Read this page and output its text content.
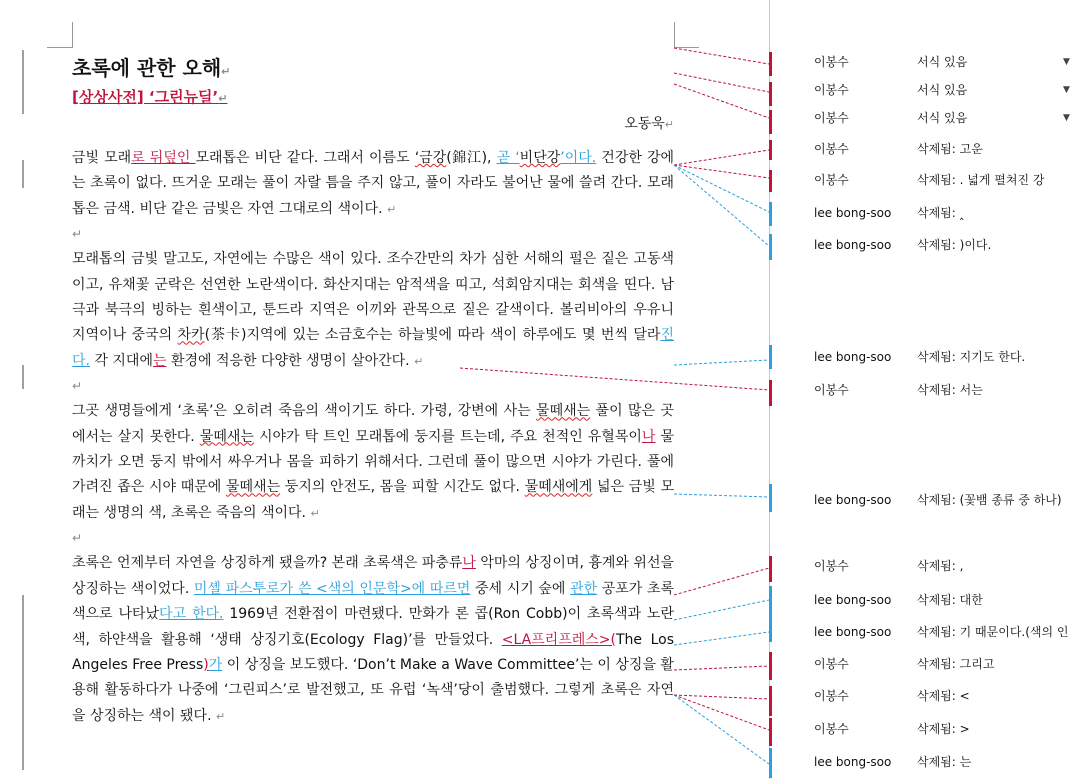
초록에 관한 오해↵
[상상사전] ‘그린뉴딜’↵
오동욱↵

금빛 모래로 뒤덮인 모래톱은 비단 같다. 그래서 이름도 ‘금강(錦江), 곧 ‘비단강’이다. 건강한 강에는 초록이 없다. 뜨거운 모래는 풀이 자랄 틈을 주지 않고, 풀이 자라도 불어난 물에 쓸려 간다. 모래톱은 금색. 비단 같은 금빛은 자연 그대로의 색이다. ↵

↵

모래톱의 금빛 말고도, 자연에는 수많은 색이 있다. 조수간만의 차가 심한 서해의 펄은 짙은 고동색이고, 유채꽃 군락은 선연한 노란색이다. 화산지대는 암적색을 띠고, 석회암지대는 회색을 띤다. 남극과 북극의 빙하는 흰색이고, 툰드라 지역은 이끼와 관목으로 짙은 갈색이다. 볼리비아의 우유니 지역이나 중국의 차카(茶卡)지역에 있는 소금호수는 하늘빛에 따라 색이 하루에도 몇 번씩 달라진다. 각 지대에는 환경에 적응한 다양한 생명이 살아간다. ↵

↵

그곳 생명들에게 ‘초록’은 오히려 죽음의 색이기도 하다. 가령, 강변에 사는 물떼새는 풀이 많은 곳에서는 살지 못한다. 물떼새는 시야가 탁 트인 모래톱에 둥지를 트는데, 주요 천적인 유혈목이나 물까치가 오면 둥지 밖에서 싸우거나 몸을 피하기 위해서다. 그런데 풀이 많으면 시야가 가린다. 풀에 가려진 좁은 시야 때문에 물떼새는 둥지의 안전도, 몸을 피할 시간도 없다. 물떼새에게 넓은 금빛 모래는 생명의 색, 초록은 죽음의 색이다. ↵

↵

초록은 언제부터 자연을 상징하게 됐을까? 본래 초록색은 파충류나 악마의 상징이며, 흉계와 위선을 상징하는 색이었다. 미셸 파스투로가 쓴 <색의 인문학>에 따르면 중세 시기 숲에 관한 공포가 초록색으로 나타났다고 한다. 1969년 전환점이 마련됐다. 만화가 론 콥(Ron Cobb)이 초록색과 노란색, 하얀색을 활용해 ‘생태 상징기호(Ecology Flag)’를 만들었다. <LA프리프레스>(The Los Angeles Free Press)가 이 상징을 보도했다. ‘Don’t Make a Wave Committee’는 이 상징을 활용해 활동하다가 나중에 ‘그린피스’로 발전했고, 또 유럽 ‘녹색’당이 출범했다. 그렇게 초록은 자연을 상징하는 색이 됐다. ↵

이봉수	서식 있음	▼
이봉수	서식 있음	▼
이봉수	서식 있음	▼
이봉수	삭제됨: 고운
이봉수	삭제됨: . 넓게 펼쳐진 강
lee bong-soo 삭제됨: ‸
lee bong-soo 삭제됨: )이다.
lee bong-soo 삭제됨: 지기도 한다.
이봉수	삭제됨: 서는
lee bong-soo 삭제됨: (꽃뱀 종류 중 하나)
이봉수	삭제됨: ,
lee bong-soo 삭제됨: 대한
lee bong-soo 삭제됨: 기 때문이다.(색의 인
이봉수	삭제됨: 그리고
이봉수	삭제됨: <
이봉수	삭제됨: >
lee bong-soo 삭제됨: 는
